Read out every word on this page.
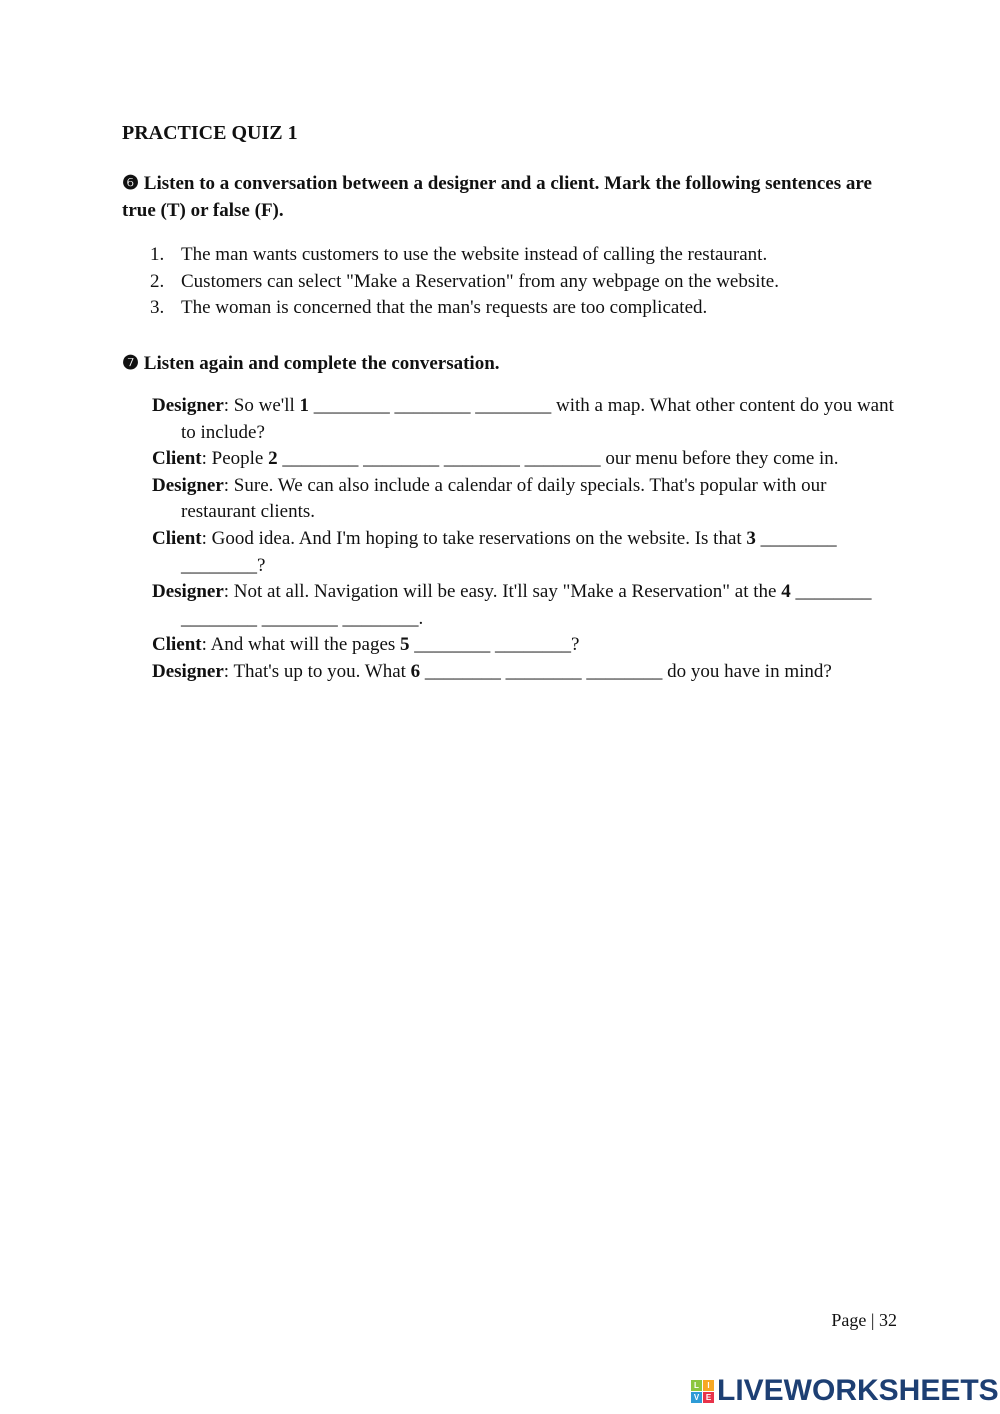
PRACTICE QUIZ 1
❻ Listen to a conversation between a designer and a client. Mark the following sentences are true (T) or false (F).
1. The man wants customers to use the website instead of calling the restaurant.
2. Customers can select "Make a Reservation" from any webpage on the website.
3. The woman is concerned that the man's requests are too complicated.
❼ Listen again and complete the conversation.
Designer: So we'll 1 ________ ________ ________ with a map. What other content do you want to include?
Client: People 2 ________ ________ ________ ________ our menu before they come in.
Designer: Sure. We can also include a calendar of daily specials. That's popular with our restaurant clients.
Client: Good idea. And I'm hoping to take reservations on the website. Is that 3 ________ ________?
Designer: Not at all. Navigation will be easy. It'll say "Make a Reservation" at the 4 ________ ________ ________ ________.
Client: And what will the pages 5 ________ ________?
Designer: That's up to you. What 6 ________ ________ ________ do you have in mind?
Page | 32
L	I
V E LIVEWORKSHEETS
